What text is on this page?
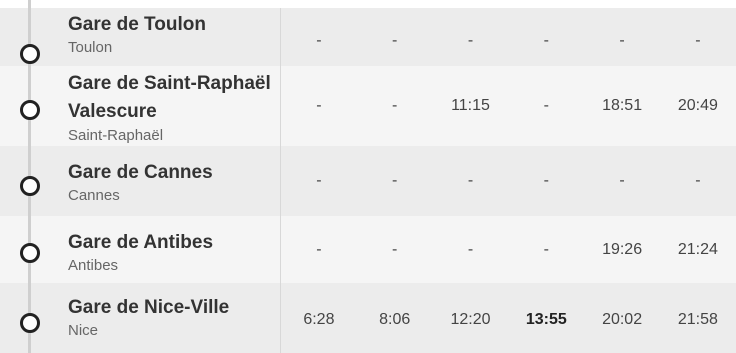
Gare de Toulon
Toulon	-	-	-	-	-	-
Gare de Saint-Raphaël Valescure
Saint-Raphaël
-	-	11:15	-	18:51	20:49
Gare de Cannes
Cannes
-	-	-	-	-	-
Gare de Antibes
Antibes
-	-	-	-	19:26	21:24
Gare de Nice-Ville
Nice
6:28	8:06	12:20	13:55	20:02	21:58
